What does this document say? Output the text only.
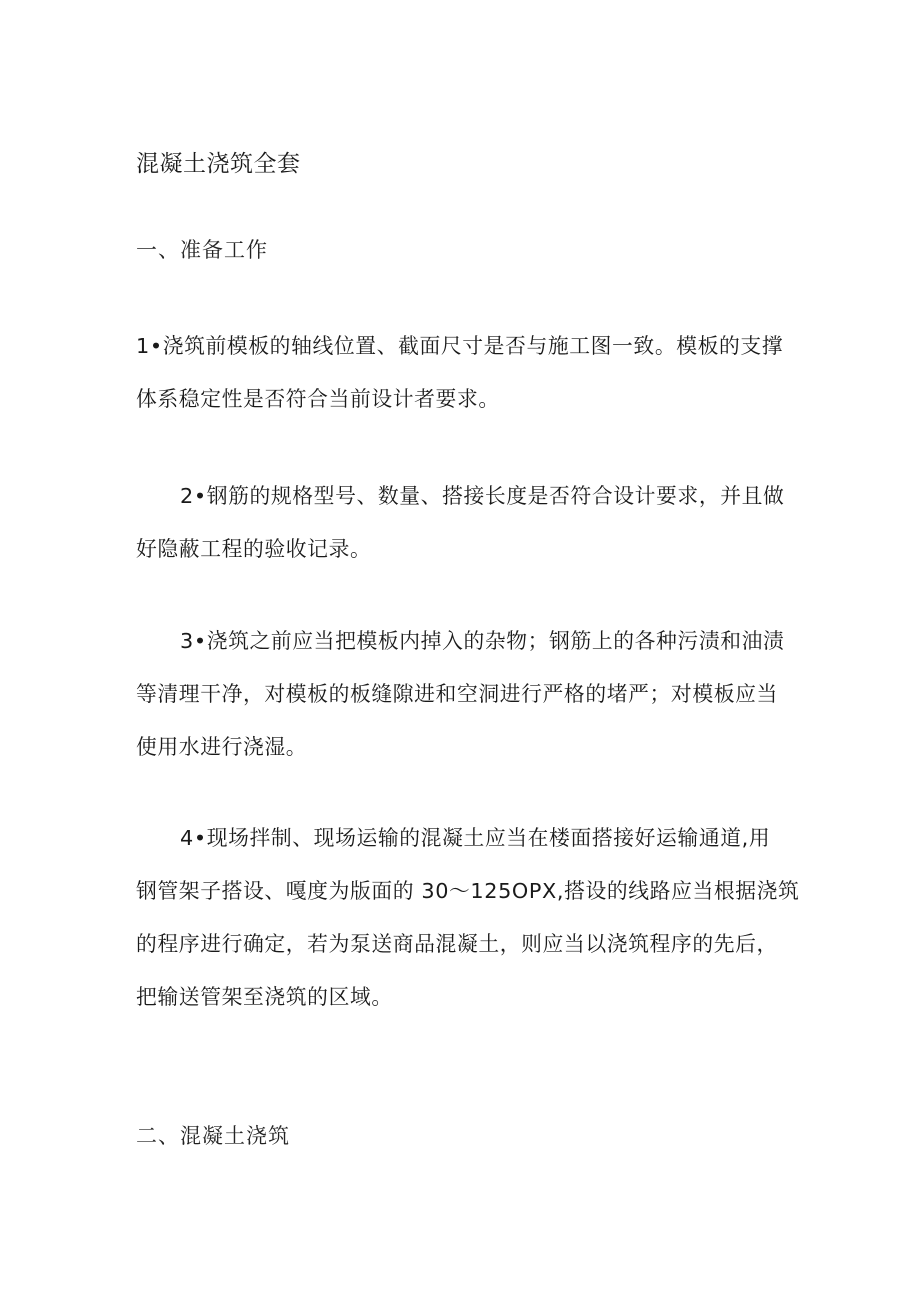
混凝土浇筑全套
一、准备工作

1•浇筑前模板的轴线位置、截面尺寸是否与施工图一致。模板的支撑
体系稳定性是否符合当前设计者要求。

2•钢筋的规格型号、数量、搭接长度是否符合设计要求，并且做
好隐蔽工程的验收记录。

3•浇筑之前应当把模板内掉入的杂物；钢筋上的各种污渍和油渍
等清理干净，对模板的板缝隙进和空洞进行严格的堵严；对模板应当
使用水进行浇湿。

4•现场拌制、现场运输的混凝土应当在楼面搭接好运输通道,用
钢管架子搭设、嘎度为版面的 30～125OPX,搭设的线路应当根据浇筑
的程序进行确定，若为泵送商品混凝土，则应当以浇筑程序的先后，
把输送管架至浇筑的区域。

二、混凝土浇筑
